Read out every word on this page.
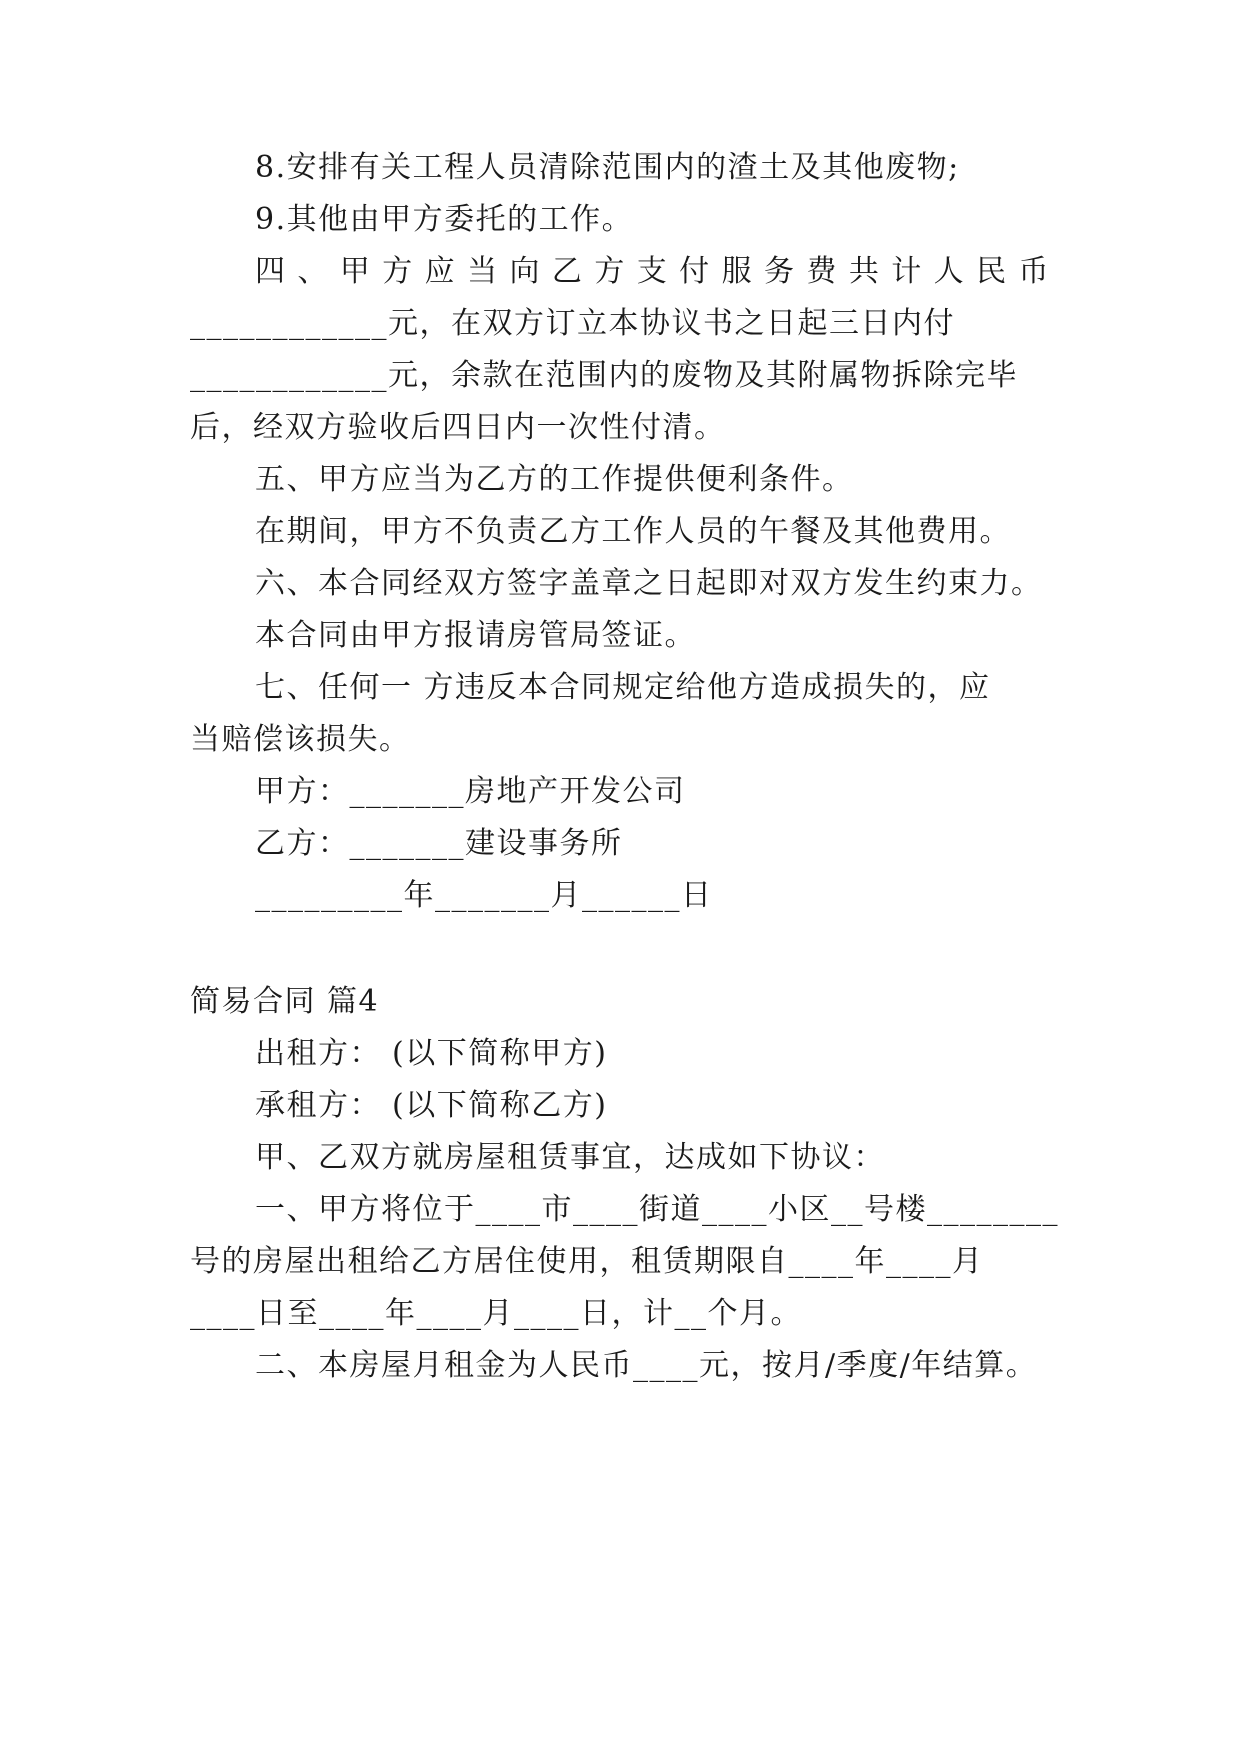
8.安排有关工程人员清除范围内的渣土及其他废物;
9.其他由甲方委托的工作。
四、甲方应当向乙方支付服务费共计人民币
____________元，在双方订立本协议书之日起三日内付
____________元，余款在范围内的废物及其附属物拆除完毕
后，经双方验收后四日内一次性付清。
五、甲方应当为乙方的工作提供便利条件。
在期间，甲方不负责乙方工作人员的午餐及其他费用。
六、本合同经双方签字盖章之日起即对双方发生约束力。
本合同由甲方报请房管局签证。
七、任何一 方违反本合同规定给他方造成损失的，应
当赔偿该损失。
甲方：_______房地产开发公司
乙方：_______建设事务所
_________年_______月______日
简易合同 篇4
出租方： (以下简称甲方)
承租方： (以下简称乙方)
甲、乙双方就房屋租赁事宜，达成如下协议：
一、甲方将位于____市____街道____小区__号楼________
号的房屋出租给乙方居住使用，租赁期限自____年____月
____日至____年____月____日，计__个月。
二、本房屋月租金为人民币____元，按月/季度/年结算。
